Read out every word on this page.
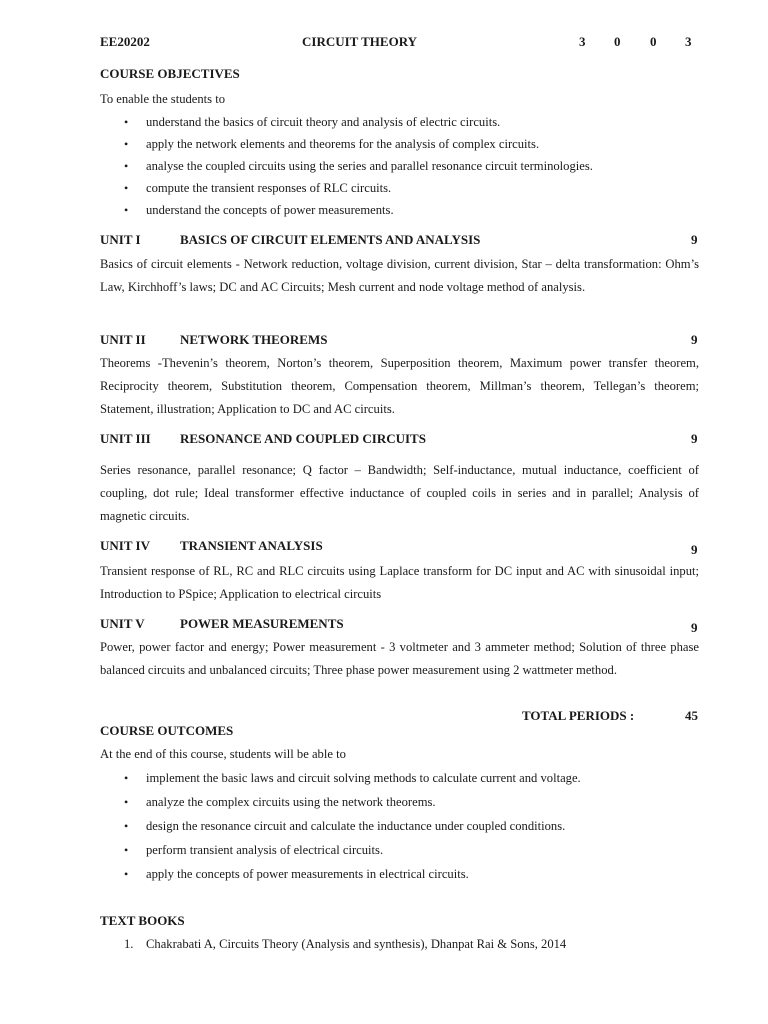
EE20202	CIRCUIT THEORY	3 0 0 3
COURSE OBJECTIVES
To enable the students to
• understand the basics of circuit theory and analysis of electric circuits.
• apply the network elements and theorems for the analysis of complex circuits.
• analyse the coupled circuits using the series and parallel resonance circuit terminologies.
• compute the transient responses of RLC circuits.
• understand the concepts of power measurements.
UNIT I	BASICS OF CIRCUIT ELEMENTS AND ANALYSIS	9
Basics of circuit elements - Network reduction, voltage division, current division, Star – delta transformation: Ohm’s Law, Kirchhoff’s laws; DC and AC Circuits; Mesh current and node voltage method of analysis.
UNIT II	NETWORK THEOREMS	9
Theorems -Thevenin’s theorem, Norton’s theorem, Superposition theorem, Maximum power transfer theorem, Reciprocity theorem, Substitution theorem, Compensation theorem, Millman’s theorem, Tellegan’s theorem; Statement, illustration; Application to DC and AC circuits.
UNIT III RESONANCE AND COUPLED CIRCUITS	9
Series resonance, parallel resonance; Q factor – Bandwidth; Self-inductance, mutual inductance, coefficient of coupling, dot rule; Ideal transformer effective inductance of coupled coils in series and in parallel; Analysis of magnetic circuits.
UNIT IV TRANSIENT ANALYSIS	9
Transient response of RL, RC and RLC circuits using Laplace transform for DC input and AC with sinusoidal input; Introduction to PSpice; Application to electrical circuits
UNIT V	POWER MEASUREMENTS	9
Power, power factor and energy; Power measurement - 3 voltmeter and 3 ammeter method; Solution of three phase balanced circuits and unbalanced circuits; Three phase power measurement using 2 wattmeter method.
TOTAL PERIODS :	45
COURSE OUTCOMES
At the end of this course, students will be able to
• implement the basic laws and circuit solving methods to calculate current and voltage.
• analyze the complex circuits using the network theorems.
• design the resonance circuit and calculate the inductance under coupled conditions.
• perform transient analysis of electrical circuits.
• apply the concepts of power measurements in electrical circuits.
TEXT BOOKS
1. Chakrabati A, Circuits Theory (Analysis and synthesis), Dhanpat Rai & Sons, 2014
